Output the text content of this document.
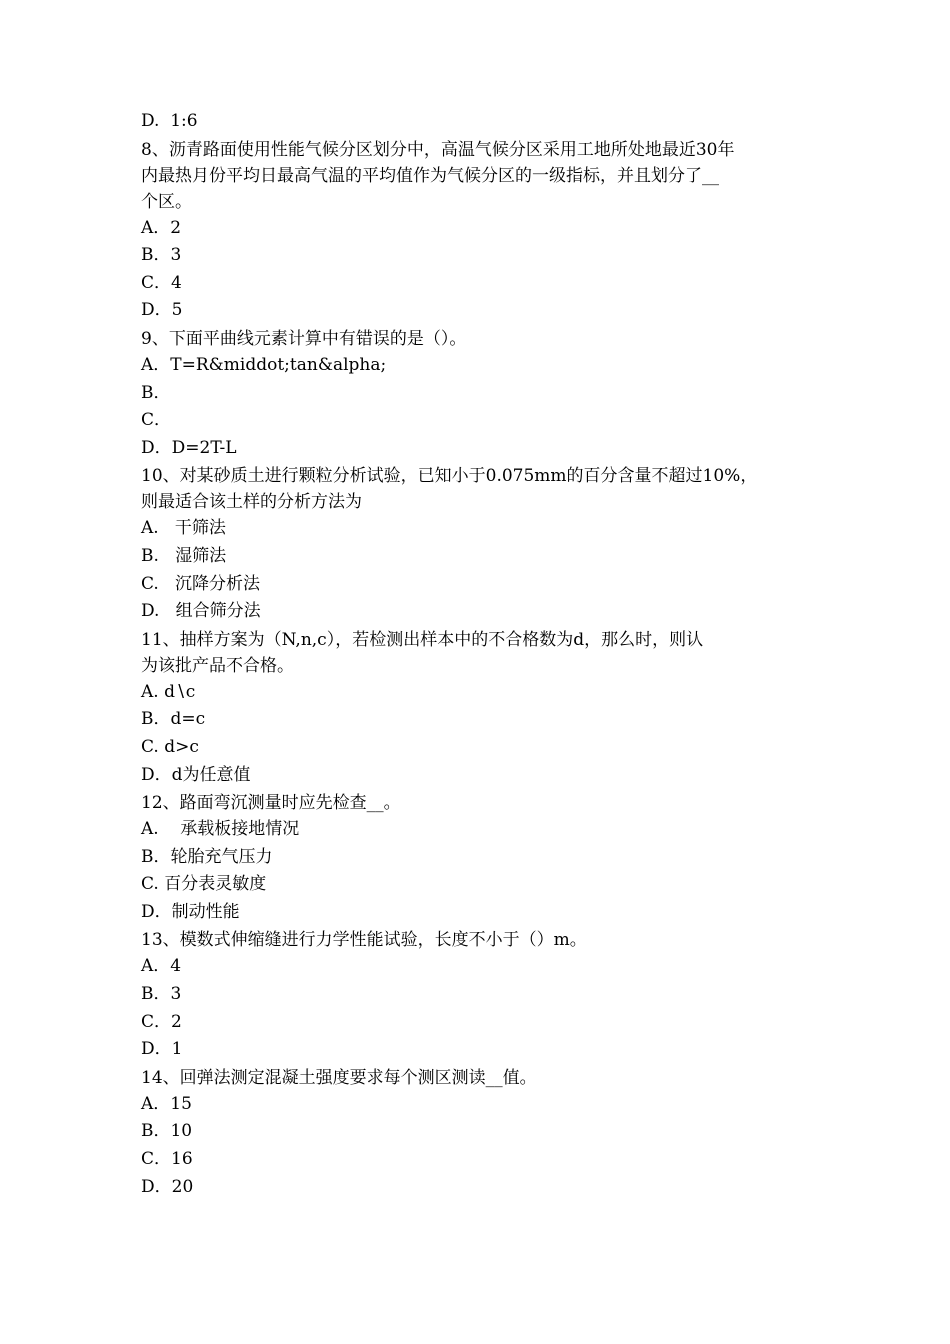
D.  1:6
8、沥青路面使用性能气候分区划分中，高温气候分区采用工地所处地最近30年
内最热月份平均日最高气温的平均值作为气候分区的一级指标，并且划分了__
个区。
A．2
B．3
C．4
D．5
9、下面平曲线元素计算中有错误的是（）。
A．T=R&middot;tan&alpha;
B．
C．
D．D=2T-L
10、对某砂质土进行颗粒分析试验，已知小于0.075mm的百分含量不超过10%，
则最适合该土样的分析方法为
A.   干筛法
B.   湿筛法
C.   沉降分析法
D.   组合筛分法
11、抽样方案为（N,n,c），若检测出样本中的不合格数为d，那么时，则认
为该批产品不合格。
A. d∖c
B．d=c
C. d>c
D．d为任意值
12、路面弯沉测量时应先检查__。
A.    承载板接地情况
B．轮胎充气压力
C. 百分表灵敏度
D．制动性能
13、模数式伸缩缝进行力学性能试验，长度不小于（）m。
A．4
B．3
C．2
D．1
14、回弹法测定混凝土强度要求每个测区测读__值。
A．15
B．10
C．16
D．20
